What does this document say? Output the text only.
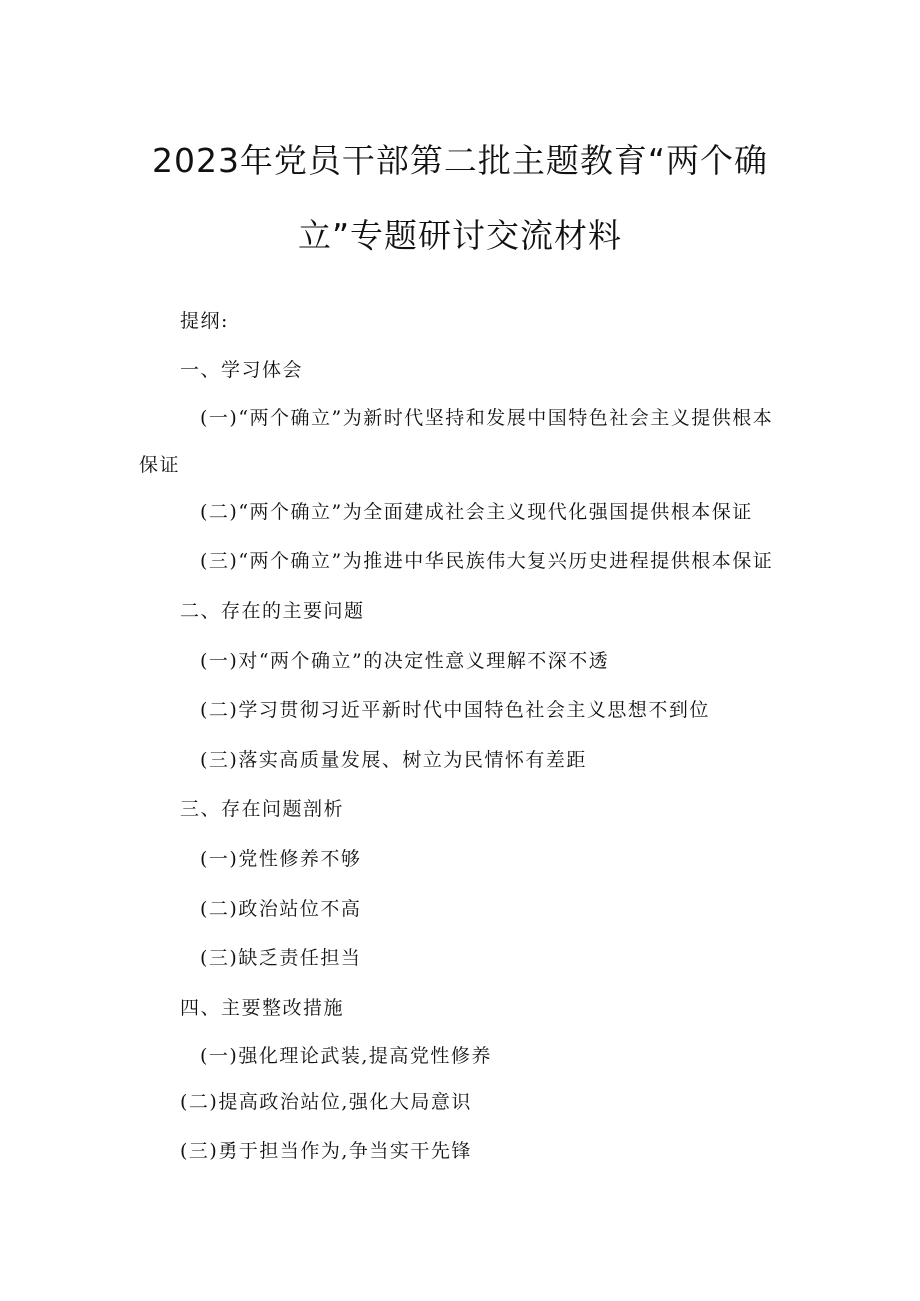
2023年党员干部第二批主题教育“两个确
立”专题研讨交流材料
提纲:
一、学习体会
(一)“两个确立”为新时代坚持和发展中国特色社会主义提供根本
保证
(二)“两个确立”为全面建成社会主义现代化强国提供根本保证
(三)“两个确立”为推进中华民族伟大复兴历史进程提供根本保证
二、存在的主要问题
(一)对“两个确立”的决定性意义理解不深不透
(二)学习贯彻习近平新时代中国特色社会主义思想不到位
(三)落实高质量发展、树立为民情怀有差距
三、存在问题剖析
(一)党性修养不够
(二)政治站位不高
(三)缺乏责任担当
四、主要整改措施
(一)强化理论武装,提高党性修养
(二)提高政治站位,强化大局意识
(三)勇于担当作为,争当实干先锋
